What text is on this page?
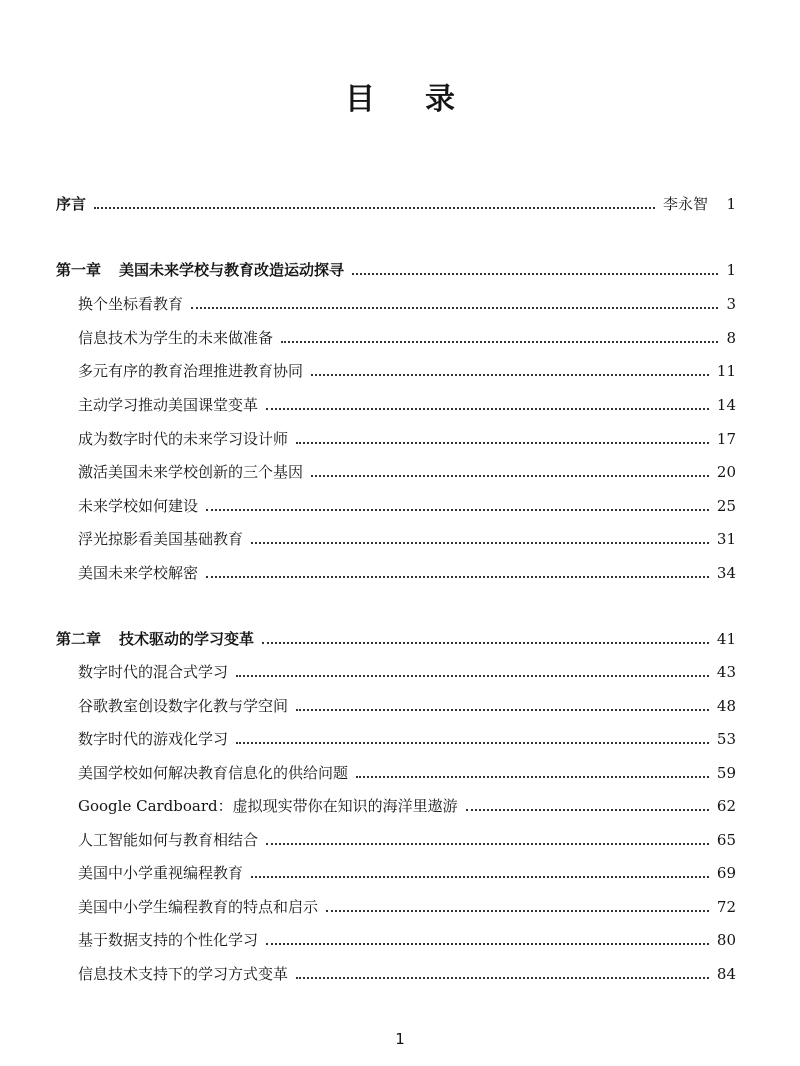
目 录
序言	李永智 1
第一章 美国未来学校与教育改造运动探寻	1
换个坐标看教育	3
信息技术为学生的未来做准备	8
多元有序的教育治理推进教育协同	11
主动学习推动美国课堂变革	14
成为数字时代的未来学习设计师	17
激活美国未来学校创新的三个基因	20
未来学校如何建设	25
浮光掠影看美国基础教育	31
美国未来学校解密	34
第二章 技术驱动的学习变革	41
数字时代的混合式学习	43
谷歌教室创设数字化教与学空间	48
数字时代的游戏化学习	53
美国学校如何解决教育信息化的供给问题	59
Google Cardboard：虚拟现实带你在知识的海洋里遨游	62
人工智能如何与教育相结合	65
美国中小学重视编程教育	69
美国中小学生编程教育的特点和启示	72
基于数据支持的个性化学习	80
信息技术支持下的学习方式变革	84
1
